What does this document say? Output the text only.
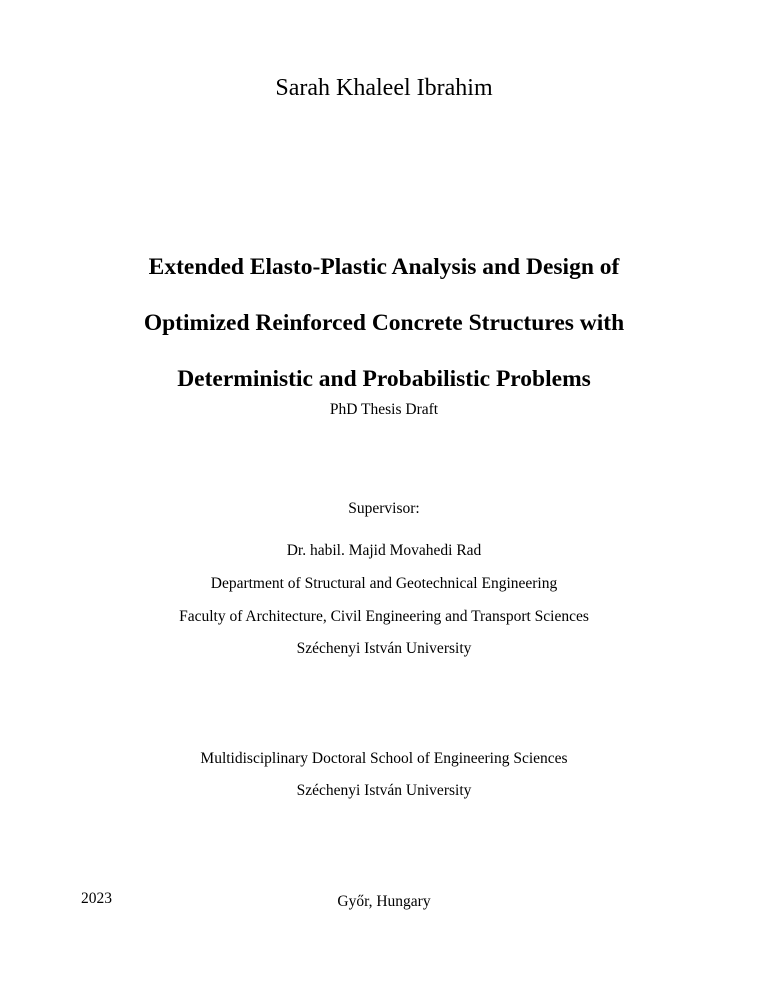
Sarah Khaleel Ibrahim
Extended Elasto-Plastic Analysis and Design of
Optimized Reinforced Concrete Structures with
Deterministic and Probabilistic Problems
PhD Thesis Draft
Supervisor:
Dr. habil. Majid Movahedi Rad
Department of Structural and Geotechnical Engineering
Faculty of Architecture, Civil Engineering and Transport Sciences
Széchenyi István University
Multidisciplinary Doctoral School of Engineering Sciences
Széchenyi István University
Győr, Hungary
2023
